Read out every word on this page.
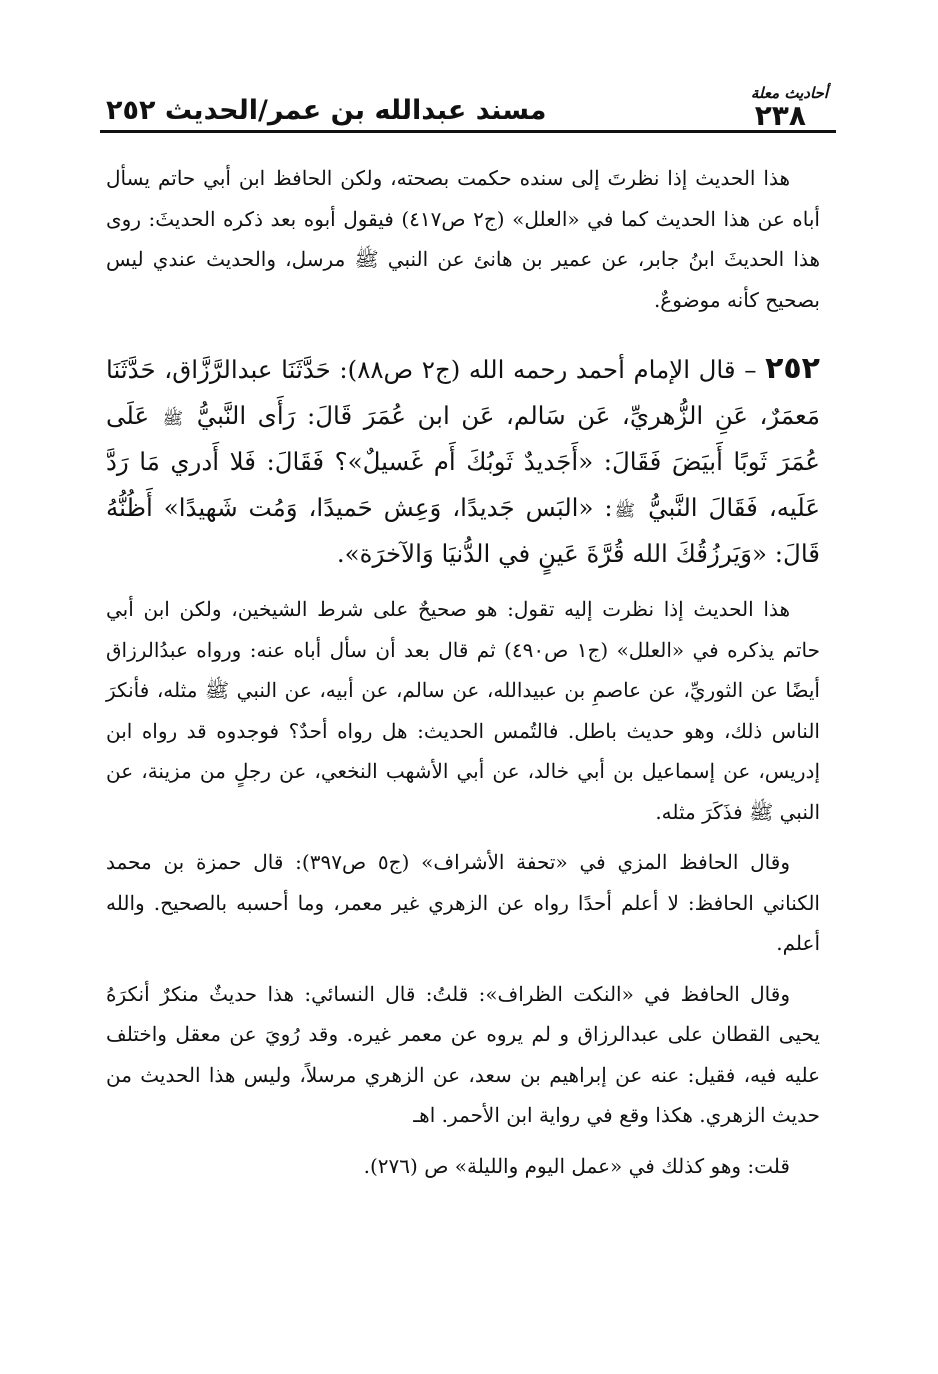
مسند عبدالله بن عمر/الحديث ٢٥٢
أحاديث معلة
٢٣٨

هذا الحديث إذا نظرتَ إلى سنده حكمت بصحته، ولكن الحافظ ابن أبي حاتم يسأل أباه عن هذا الحديث كما في «العلل» (ج٢ ص٤١٧) فيقول أبوه بعد ذكره الحديثَ: روى هذا الحديثَ ابنُ جابر، عن عمير بن هانئ عن النبي ﷺ مرسل، والحديث عندي ليس بصحيح كأنه موضوعٌ.

٢٥٢ – قال الإمام أحمد رحمه الله (ج٢ ص٨٨): حَدَّثَنَا عبدالرَّزَّاق، حَدَّثَنَا مَعمَرٌ، عَنِ الزُّهريِّ، عَن سَالم، عَن ابن عُمَرَ قَالَ: رَأَى النَّبيُّ ﷺ عَلَى عُمَرَ ثَوبًا أَبيَضَ فَقَالَ: «أَجَديدٌ ثَوبُكَ أَم غَسيلٌ»؟ فَقَالَ: فَلا أَدري مَا رَدَّ عَلَيه، فَقَالَ النَّبيُّ ﷺ: «البَس جَديدًا، وَعِش حَميدًا، وَمُت شَهيدًا» أَظُنُّهُ قَالَ: «وَيَرزُقُكَ الله قُرَّةَ عَينٍ في الدُّنيَا وَالآخرَة».

هذا الحديث إذا نظرت إليه تقول: هو صحيحٌ على شرط الشيخين، ولكن ابن أبي حاتم يذكره في «العلل» (ج١ ص٤٩٠) ثم قال بعد أن سأل أباه عنه: ورواه عبدُالرزاق أيضًا عن الثوريِّ، عن عاصمِ بن عبيدالله، عن سالم، عن أبيه، عن النبي ﷺ مثله، فأنكرَ الناس ذلك، وهو حديث باطل. فالتُمس الحديث: هل رواه أحدٌ؟ فوجدوه قد رواه ابن إدريس، عن إسماعيل بن أبي خالد، عن أبي الأشهب النخعي، عن رجلٍ من مزينة، عن النبي ﷺ فذَكَرَ مثله.

وقال الحافظ المزي في «تحفة الأشراف» (ج٥ ص٣٩٧): قال حمزة بن محمد الكناني الحافظ: لا أعلم أحدًا رواه عن الزهري غير معمر، وما أحسبه بالصحيح. والله أعلم.

وقال الحافظ في «النكت الظراف»: قلتُ: قال النسائي: هذا حديثٌ منكرٌ أنكرَهُ يحيى القطان على عبدالرزاق و لم يروه عن معمر غيره. وقد رُويَ عن معقل واختلف عليه فيه، فقيل: عنه عن إبراهيم بن سعد، عن الزهري مرسلاً، وليس هذا الحديث من حديث الزهري. هكذا وقع في رواية ابن الأحمر. اهـ

قلت: وهو كذلك في «عمل اليوم والليلة» ص (٢٧٦).
